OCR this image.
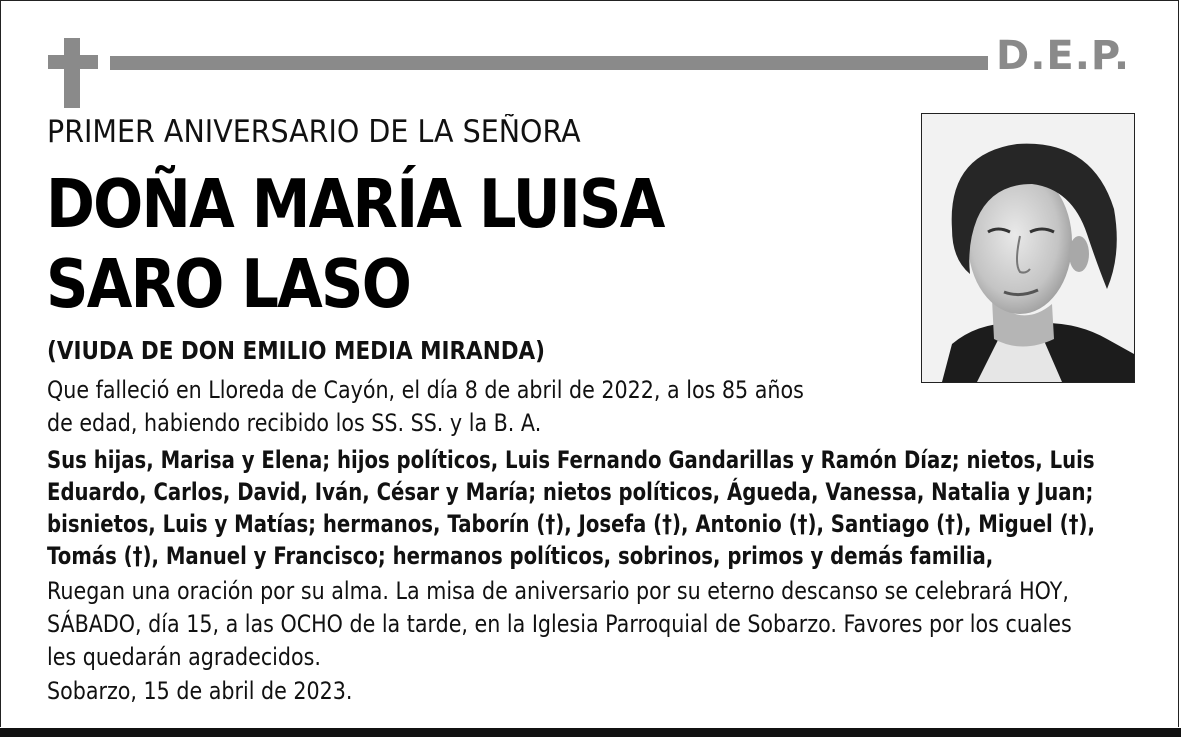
D.E.P.
PRIMER ANIVERSARIO DE LA SEÑORA
DOÑA MARÍA LUISA
SARO LASO
(VIUDA DE DON EMILIO MEDIA MIRANDA)
Que falleció en Lloreda de Cayón, el día 8 de abril de 2022, a los 85 años
de edad, habiendo recibido los SS. SS. y la B. A.
Sus hijas, Marisa y Elena; hijos políticos, Luis Fernando Gandarillas y Ramón Díaz; nietos, Luis
Eduardo, Carlos, David, Iván, César y María; nietos políticos, Águeda, Vanessa, Natalia y Juan;
bisnietos, Luis y Matías; hermanos, Taborín (†), Josefa (†), Antonio (†), Santiago (†), Miguel (†),
Tomás (†), Manuel y Francisco; hermanos políticos, sobrinos, primos y demás familia,
Ruegan una oración por su alma. La misa de aniversario por su eterno descanso se celebrará HOY,
SÁBADO, día 15, a las OCHO de la tarde, en la Iglesia Parroquial de Sobarzo. Favores por los cuales
les quedarán agradecidos.
Sobarzo, 15 de abril de 2023.
